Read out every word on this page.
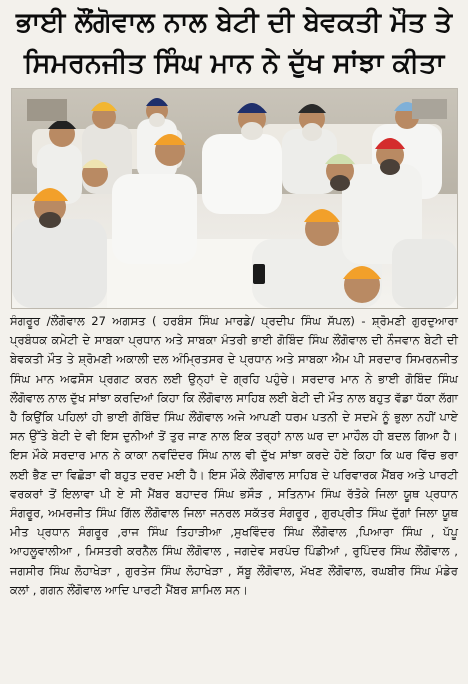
ਭਾਈ ਲੌਂਗੋਵਾਲ ਨਾਲ ਬੇਟੀ ਦੀ ਬੇਵਕਤੀ ਮੌਤ ਤੇ ਸਿਮਰਨਜੀਤ ਸਿੰਘ ਮਾਨ ਨੇ ਦੁੱਖ ਸਾਂਝਾ ਕੀਤਾ

ਸੰਗਰੂਰ /ਲੌਂਗੋਵਾਲ 27 ਅਗਸਤ ( ਹਰਬੰਸ ਸਿੰਘ ਮਾਰਡੇ/ ਪ੍ਰਦੀਪ ਸਿੰਘ ਸੱਪਲ) - ਸ਼੍ਰੋਮਣੀ ਗੁਰਦੁਆਰਾ ਪ੍ਰਬੰਧਕ ਕਮੇਟੀ ਦੇ ਸਾਬਕਾ ਪ੍ਰਧਾਨ ਅਤੇ ਸਾਬਕਾ ਮੰਤਰੀ ਭਾਈ ਗੋਬਿੰਦ ਸਿੰਘ ਲੌਂਗੋਵਾਲ ਦੀ ਨੌਜਵਾਨ ਬੇਟੀ ਦੀ ਬੇਵਕਤੀ ਮੌਤ ਤੇ ਸ਼੍ਰੋਮਣੀ ਅਕਾਲੀ ਦਲ ਅੰਮ੍ਰਿਤਸਰ ਦੇ ਪ੍ਰਧਾਨ ਅਤੇ ਸਾਬਕਾ ਐਮ ਪੀ ਸਰਦਾਰ ਸਿਮਰਨਜੀਤ ਸਿੰਘ ਮਾਨ ਅਫਸੋਸ ਪ੍ਰਗਟ ਕਰਨ ਲਈ ਉਨ੍ਹਾਂ ਦੇ ਗ੍ਰਹਿ ਪਹੁੰਚੇ। ਸਰਦਾਰ ਮਾਨ ਨੇ ਭਾਈ ਗੋਬਿੰਦ ਸਿੰਘ ਲੌਂਗੋਵਾਲ ਨਾਲ ਦੁੱਖ ਸਾਂਝਾ ਕਰਦਿਆਂ ਕਿਹਾ ਕਿ ਲੌਂਗੋਵਾਲ ਸਾਹਿਬ ਲਈ ਬੇਟੀ ਦੀ ਮੌਤ ਨਾਲ ਬਹੁਤ ਵੱਡਾ ਧੱਕਾ ਲੱਗਾ ਹੈ ਕਿਉਂਕਿ ਪਹਿਲਾਂ ਹੀ ਭਾਈ ਗੋਬਿੰਦ ਸਿੰਘ ਲੌਂਗੋਵਾਲ ਅਜੇ ਆਪਣੀ ਧਰਮ ਪਤਨੀ ਦੇ ਸਦਮੇ ਨੂੰ ਭੁਲਾ ਨਹੀਂ ਪਾਏ ਸਨ ਉੱਤੇ ਬੇਟੀ ਦੇ ਵੀ ਇਸ ਦੁਨੀਆਂ ਤੋਂ ਤੁਰ ਜਾਣ ਨਾਲ ਇਕ ਤਰ੍ਹਾਂ ਨਾਲ ਘਰ ਦਾ ਮਾਹੌਲ ਹੀ ਬਦਲ ਗਿਆ ਹੈ। ਇਸ ਮੌਕੇ ਸਰਦਾਰ ਮਾਨ ਨੇ ਕਾਕਾ ਨਵਦਿੰਦਰ ਸਿੰਘ ਨਾਲ ਵੀ ਦੁੱਖ ਸਾਂਝਾ ਕਰਦੇ ਹੋਏ ਕਿਹਾ ਕਿ ਘਰ ਵਿੱਚ ਭਰਾ ਲਈ ਭੈਣ ਦਾ ਵਿਛੋੜਾ ਵੀ ਬਹੁਤ ਦਰਦ ਮਈ ਹੈ। ਇਸ ਮੌਕੇ ਲੌਂਗੋਵਾਲ ਸਾਹਿਬ ਦੇ ਪਰਿਵਾਰਕ ਮੈਂਬਰ ਅਤੇ ਪਾਰਟੀ ਵਰਕਰਾਂ ਤੋਂ ਇਲਾਵਾ ਪੀ ਏ ਸੀ ਮੈਂਬਰ ਬਹਾਦਰ ਸਿੰਘ ਭਸੌੜ , ਸਤਿਨਾਮ ਸਿੰਘ ਰੱਤੋਕੇ ਜਿਲਾ ਯੂਥ ਪ੍ਰਧਾਨ ਸੰਗਰੂਰ, ਅਮਰਜੀਤ ਸਿੰਘ ਗਿੱਲ ਲੌਂਗੋਵਾਲ ਜਿਲਾ ਜਨਰਲ ਸਕੱਤਰ ਸੰਗਰੂਰ , ਗੁਰਪ੍ਰੀਤ ਸਿੰਘ ਦੁੱਗਾਂ ਜਿਲਾ ਯੂਥ ਮੀਤ ਪ੍ਰਧਾਨ ਸੰਗਰੂਰ ,ਰਾਜ ਸਿੰਘ ਤਿਹਾੜੀਆ ,ਸੁਖਵਿੰਦਰ ਸਿੰਘ ਲੌਂਗੋਵਾਲ ,ਪਿਆਰਾ ਸਿੰਘ , ਪੱਪੂ ਆਹਲੂਵਾਲੀਆ , ਮਿਸਤਰੀ ਕਰਨੈਲ ਸਿੰਘ ਲੌਂਗੋਵਾਲ , ਜਗਦੇਵ ਸਰਪੰਚ ਪਿੰਡੀਆਂ , ਰੁਪਿੰਦਰ ਸਿੰਘ ਲੌਂਗੋਵਾਲ , ਜਗਸੀਰ ਸਿੰਘ ਲੋਹਾਖੇੜਾ , ਗੁਰਤੇਜ ਸਿੰਘ ਲੋਹਾਖੇੜਾ , ਸੱਬੂ ਲੌਂਗੋਵਾਲ, ਮੱਖਣ ਲੌਂਗੋਵਾਲ, ਰਘਬੀਰ ਸਿੰਘ ਮੰਡੇਰ ਕਲਾਂ , ਗਗਨ ਲੌਂਗੋਵਾਲ ਆਦਿ ਪਾਰਟੀ ਮੈਂਬਰ ਸ਼ਾਮਿਲ ਸਨ।
